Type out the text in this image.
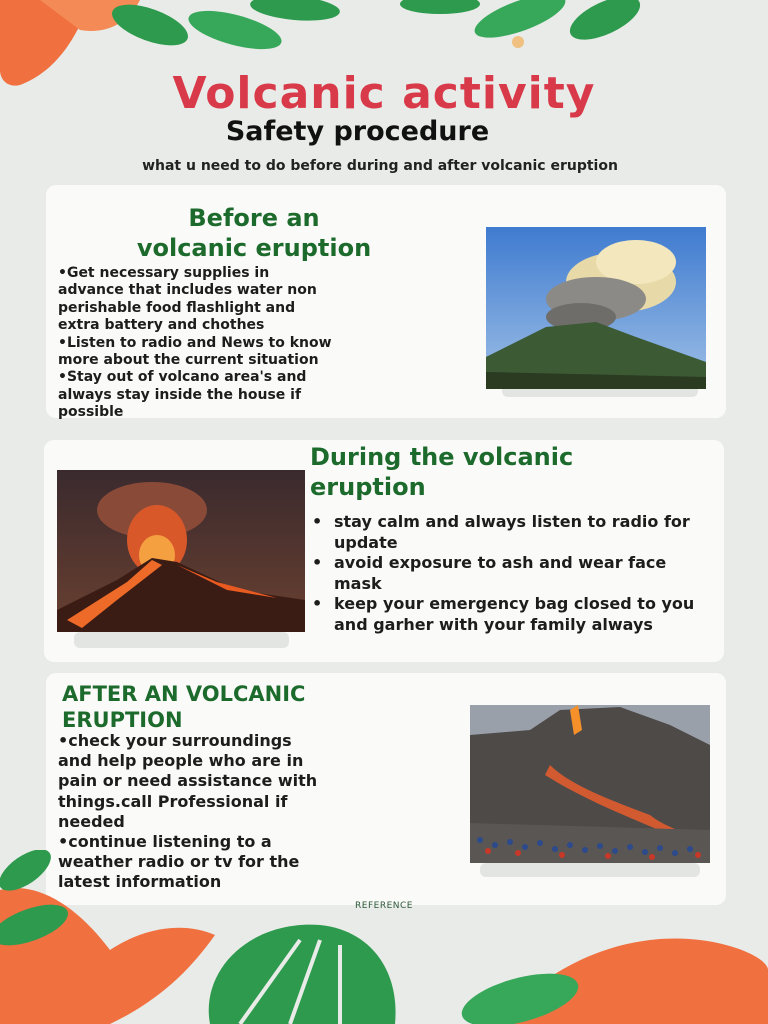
Volcanic activity
Safety procedure

what u need to do before during and after volcanic eruption

Before an
volcanic eruption

•Get necessary supplies in
advance that includes water non
perishable food flashlight and
extra battery and chothes
•Listen to radio and News to know
more about the current situation
•Stay out of volcano area's and
always stay inside the house if
possible

During the volcanic
eruption
• stay calm and always listen to radio for update
• avoid exposure to ash and wear face mask
• keep your emergency bag closed to you and garher with your family always
AFTER AN VOLCANIC
ERUPTION

•check your surroundings
and help people who are in
pain or need assistance with
things.call Professional if
needed
•continue listening to a
weather radio or tv for the
latest information

REFERENCE
